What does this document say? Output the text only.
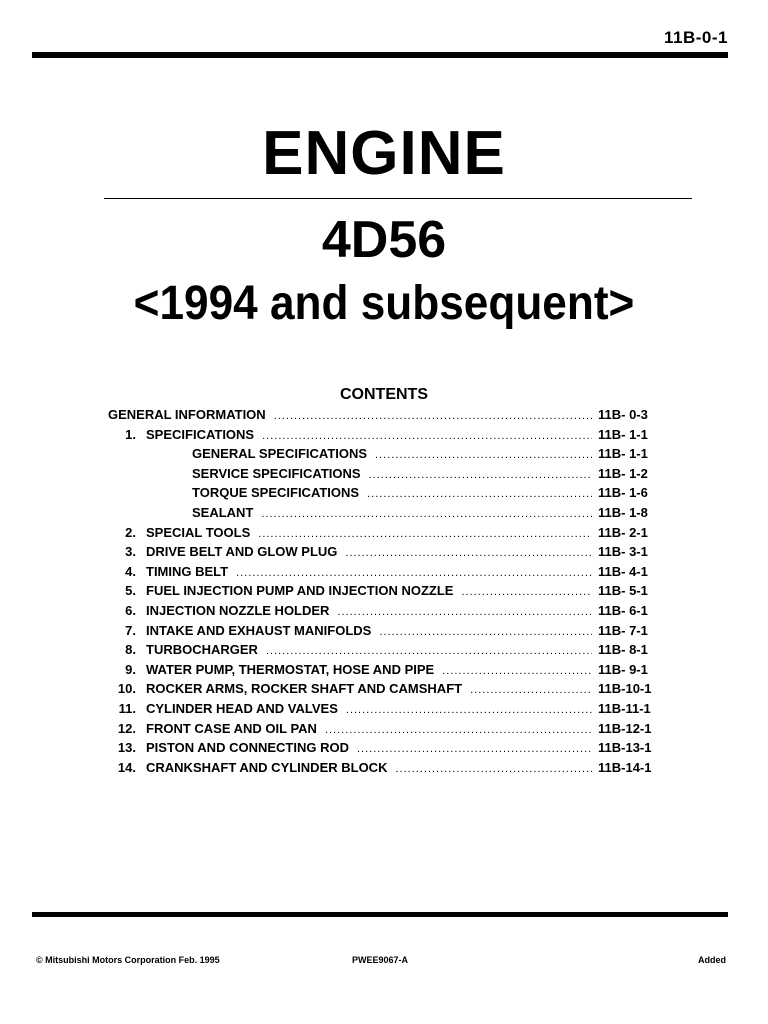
11B-0-1
ENGINE
4D56
<1994 and subsequent>
CONTENTS
GENERAL INFORMATION .....	11B- 0-3
1. SPECIFICATIONS .....	11B- 1-1
GENERAL SPECIFICATIONS .....	11B- 1-1
SERVICE SPECIFICATIONS .....	11B- 1-2
TORQUE SPECIFICATIONS .....	11B- 1-6
SEALANT .....	11B- 1-8
2. SPECIAL TOOLS .....	11B- 2-1
3. DRIVE BELT AND GLOW PLUG .....	11B- 3-1
4. TIMING BELT .....	11B- 4-1
5. FUEL INJECTION PUMP AND INJECTION NOZZLE .....	11B- 5-1
6. INJECTION NOZZLE HOLDER .....	11B- 6-1
7. INTAKE AND EXHAUST MANIFOLDS .....	11B- 7-1
8. TURBOCHARGER .....	11B- 8-1
9. WATER PUMP, THERMOSTAT, HOSE AND PIPE .....	11B- 9-1
10. ROCKER ARMS, ROCKER SHAFT AND CAMSHAFT .....	11B-10-1
11. CYLINDER HEAD AND VALVES .....	11B-11-1
12. FRONT CASE AND OIL PAN .....	11B-12-1
13. PISTON AND CONNECTING ROD .....	11B-13-1
14. CRANKSHAFT AND CYLINDER BLOCK .....	11B-14-1
© Mitsubishi Motors Corporation Feb. 1995	PWEE9067-A	Added
